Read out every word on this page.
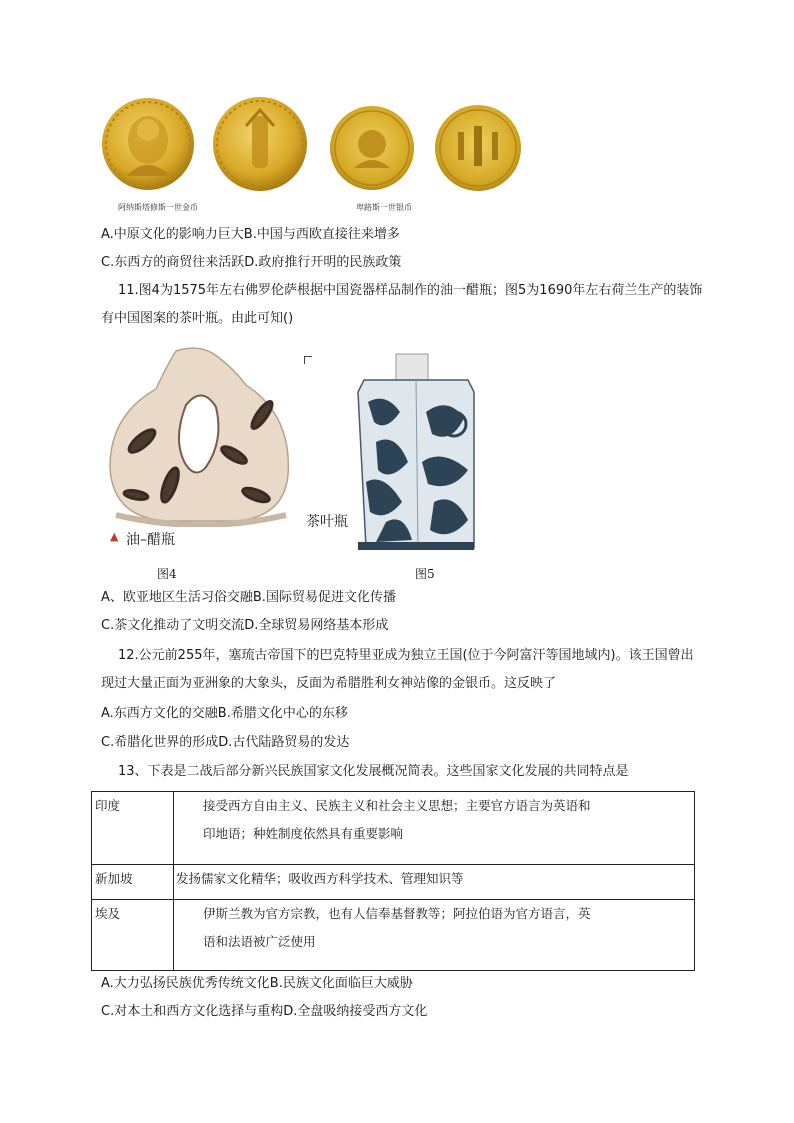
阿纳斯塔修斯一世金币	卑路斯一世银币
A.中原文化的影响力巨大B.中国与西欧直接往来增多
C.东西方的商贸往来活跃D.政府推行开明的民族政策
11.图4为1575年左右佛罗伦萨根据中国瓷器样品制作的油一醋瓶；图5为1690年左右荷兰生产的装饰
有中国图案的茶叶瓶。由此可知()
▲ 油–醋瓶
茶叶瓶
图4	图5
A、欧亚地区生活习俗交融B.国际贸易促进文化传播
C.茶文化推动了文明交流D.全球贸易网络基本形成
12.公元前255年，塞琉古帝国下的巴克特里亚成为独立王国(位于今阿富汗等国地域内)。该王国曾出
现过大量正面为亚洲象的大象头，反面为希腊胜利女神站像的金银币。这反映了
A.东西方文化的交融B.希腊文化中心的东移
C.希腊化世界的形成D.古代陆路贸易的发达
13、下表是二战后部分新兴民族国家文化发展概况简表。这些国家文化发展的共同特点是
印度	接受西方自由主义、民族主义和社会主义思想；主要官方语言为英语和
印地语；种姓制度依然具有重要影响

新加坡	发扬儒家文化精华；吸收西方科学技术、管理知识等

埃及	伊斯兰教为官方宗教，也有人信奉基督教等；阿拉伯语为官方语言，英
语和法语被广泛使用
A.大力弘扬民族优秀传统文化B.民族文化面临巨大威胁
C.对本土和西方文化选择与重构D.全盘吸纳接受西方文化
